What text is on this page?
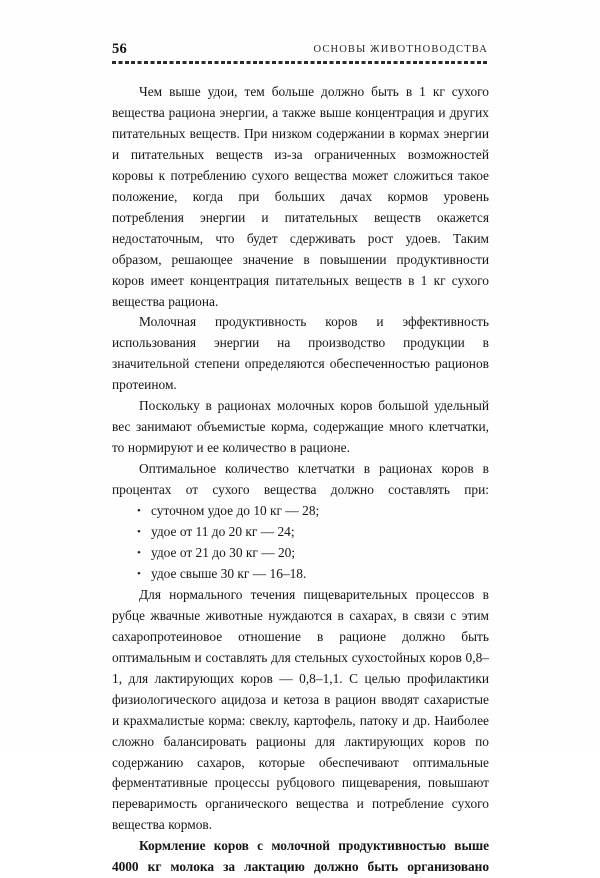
56	ОСНОВЫ ЖИВОТНОВОДСТВА

Чем выше удои, тем больше должно быть в 1 кг сухого вещества рациона энергии, а также выше концентрация и других питательных веществ. При низком содержании в кормах энергии и питательных веществ из-за ограниченных возможностей коровы к потреблению сухого вещества может сложиться такое положение, когда при больших дачах кормов уровень потребления энергии и питательных веществ окажется недостаточным, что будет сдерживать рост удоев. Таким образом, решающее значение в повышении продуктивности коров имеет концентрация питательных веществ в 1 кг сухого вещества рациона.

Молочная продуктивность коров и эффективность использования энергии на производство продукции в значительной степени определяются обеспеченностью рационов протеином.

Поскольку в рационах молочных коров большой удельный вес занимают объемистые корма, содержащие много клетчатки, то нормируют и ее количество в рационе.

Оптимальное количество клетчатки в рационах коров в процентах от сухого вещества должно составлять при:

• суточном удое до 10 кг — 28;
• удое от 11 до 20 кг — 24;
• удое от 21 до 30 кг — 20;
• удое свыше 30 кг — 16–18.

Для нормального течения пищеварительных процессов в рубце жвачные животные нуждаются в сахарах, в связи с этим сахаропротеиновое отношение в рационе должно быть оптимальным и составлять для стельных сухостойных коров 0,8–1, для лактирующих коров — 0,8–1,1. С целью профилактики физиологического ацидоза и кетоза в рацион вводят сахаристые и крахмалистые корма: свеклу, картофель, патоку и др. Наиболее сложно балансировать рационы для лактирующих коров по содержанию сахаров, которые обеспечивают оптимальные ферментативные процессы рубцового пищеварения, повышают переваримость органического вещества и потребление сухого вещества кормов.

Кормление коров с молочной продуктивностью выше 4000 кг молока за лактацию должно быть организовано
